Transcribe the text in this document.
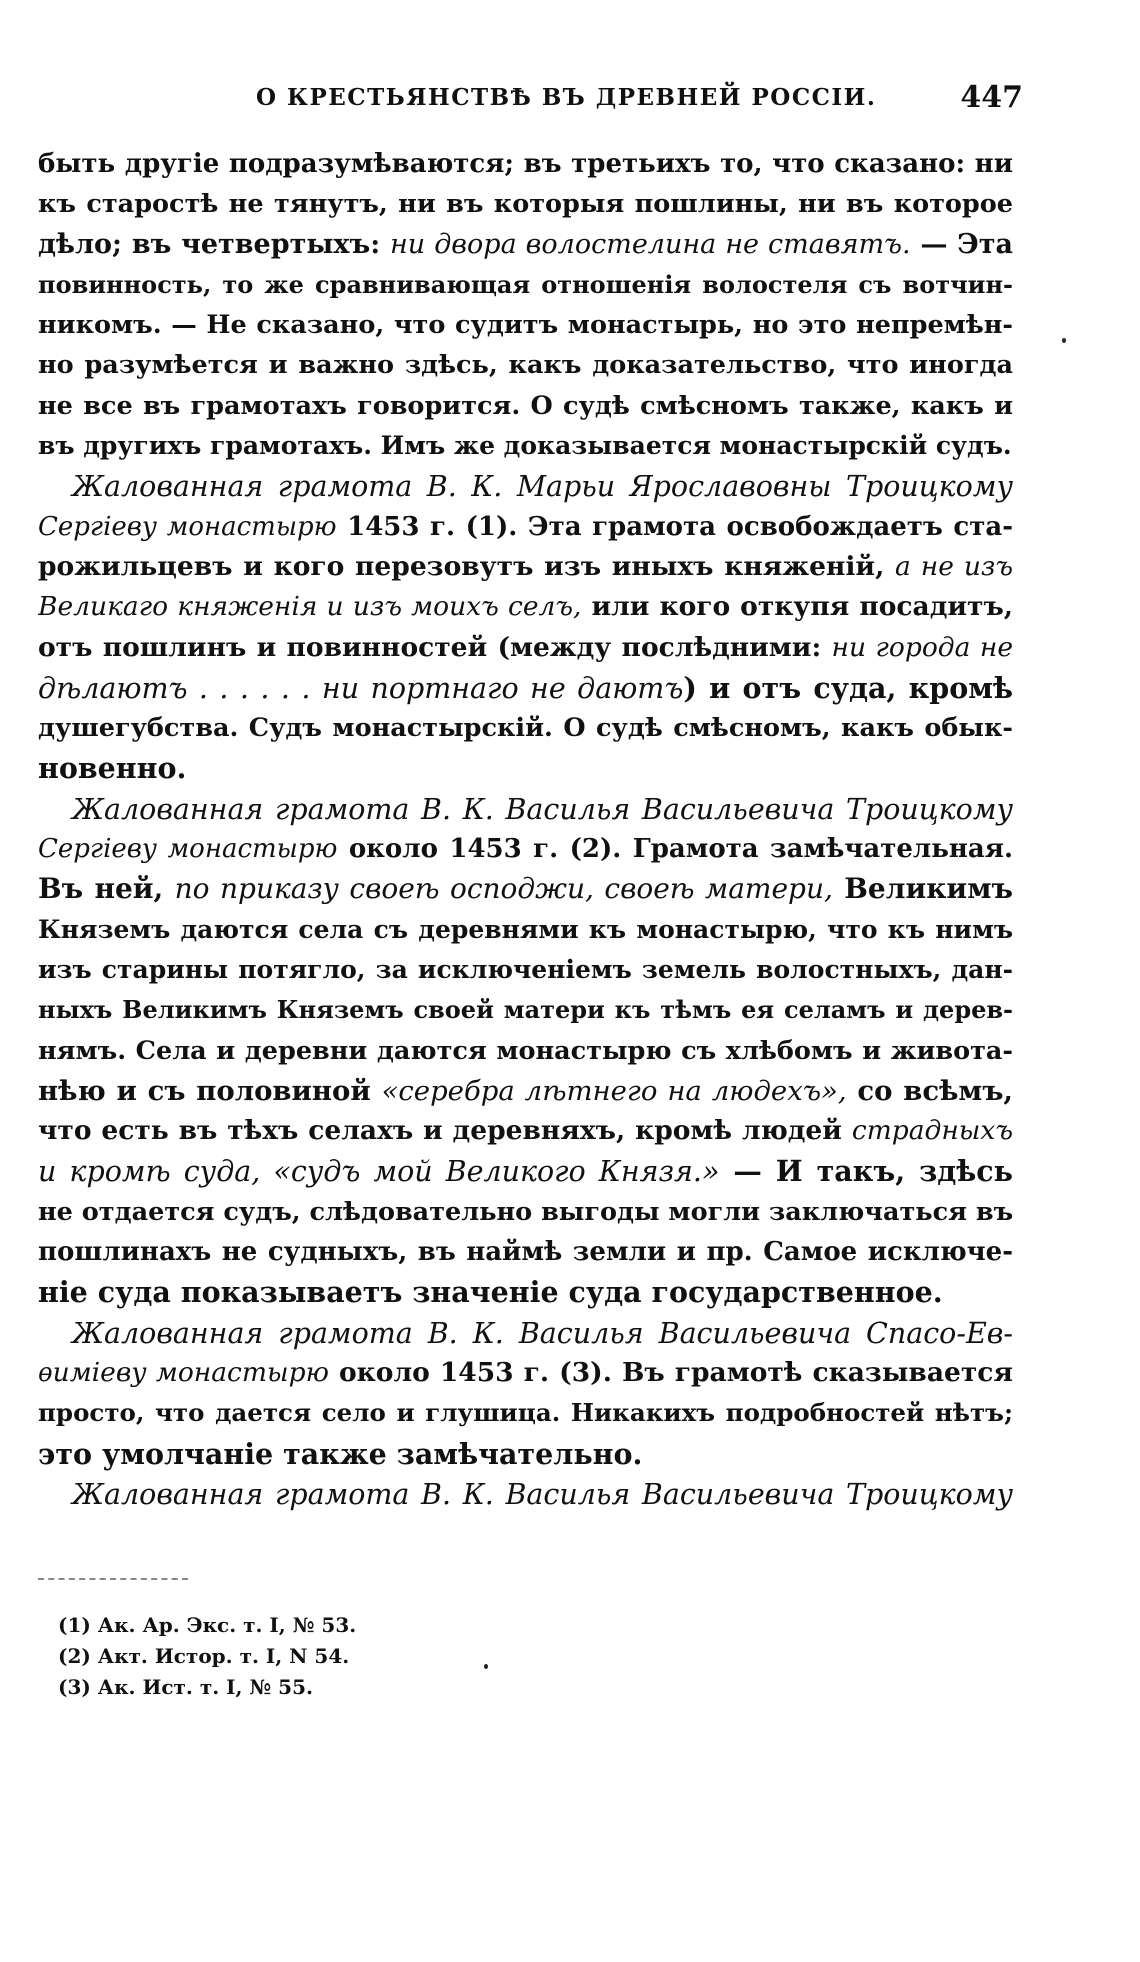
О КРЕСТЬЯНСТВѢ ВЪ ДРЕВНЕЙ РОССІИ.	447
быть другіе подразумѣваются; въ третьихъ то, что сказано: ни
къ старостѣ не тянутъ, ни въ которыя пошлины, ни въ которое
дѣло; въ четвертыхъ: ни двора волостелина не ставятъ. — Эта
повинность, то же сравнивающая отношенія волостеля съ вотчин-
никомъ. — Не сказано, что судитъ монастырь, но это непремѣн-
но разумѣется и важно здѣсь, какъ доказательство, что иногда
не все въ грамотахъ говорится. О судѣ смѣсномъ также, какъ и
въ другихъ грамотахъ. Имъ же доказывается монастырскій судъ.
Жалованная грамота В. К. Марьи Ярославовны Троицкому
Сергіеву монастырю 1453 г. (1). Эта грамота освобождаетъ ста-
рожильцевъ и кого перезовутъ изъ иныхъ княженій, а не изъ
Великаго княженія и изъ моихъ селъ, или кого откупя посадитъ,
отъ пошлинъ и повинностей (между послѣдними: ни города не
дѣлаютъ . . . . . . ни портнаго не даютъ) и отъ суда, кромѣ
душегубства. Судъ монастырскій. О судѣ смѣсномъ, какъ обык-
новенно.
Жалованная грамота В. К. Василья Васильевича Троицкому
Сергіеву монастырю около 1453 г. (2). Грамота замѣчательная.
Въ ней, по приказу своеѣ осподжи, своеѣ матери, Великимъ
Княземъ даются села съ деревнями къ монастырю, что къ нимъ
изъ старины потягло, за исключеніемъ земель волостныхъ, дан-
ныхъ Великимъ Княземъ своей матери къ тѣмъ ея селамъ и дерев-
нямъ. Села и деревни даются монастырю съ хлѣбомъ и живота-
нѣю и съ половиной «серебра лѣтнего на людехъ», со всѣмъ,
что есть въ тѣхъ селахъ и деревняхъ, кромѣ людей страдныхъ
и кромѣ суда, «судъ мой Великого Князя.» — И такъ, здѣсь
не отдается судъ, слѣдовательно выгоды могли заключаться въ
пошлинахъ не судныхъ, въ наймѣ земли и пр. Самое исключе-
ніе суда показываетъ значеніе суда государственное.
Жалованная грамота В. К. Василья Васильевича Спасо-Ев-
ѳиміеву монастырю около 1453 г. (3). Въ грамотѣ сказывается
просто, что дается село и глушица. Никакихъ подробностей нѣтъ;
это умолчаніе также замѣчательно.
Жалованная грамота В. К. Василья Васильевича Троицкому
(1) Ак. Ар. Экс. т. I, № 53.
(2) Акт. Истор. т. I, N 54.
(3) Ак. Ист. т. I, № 55.
